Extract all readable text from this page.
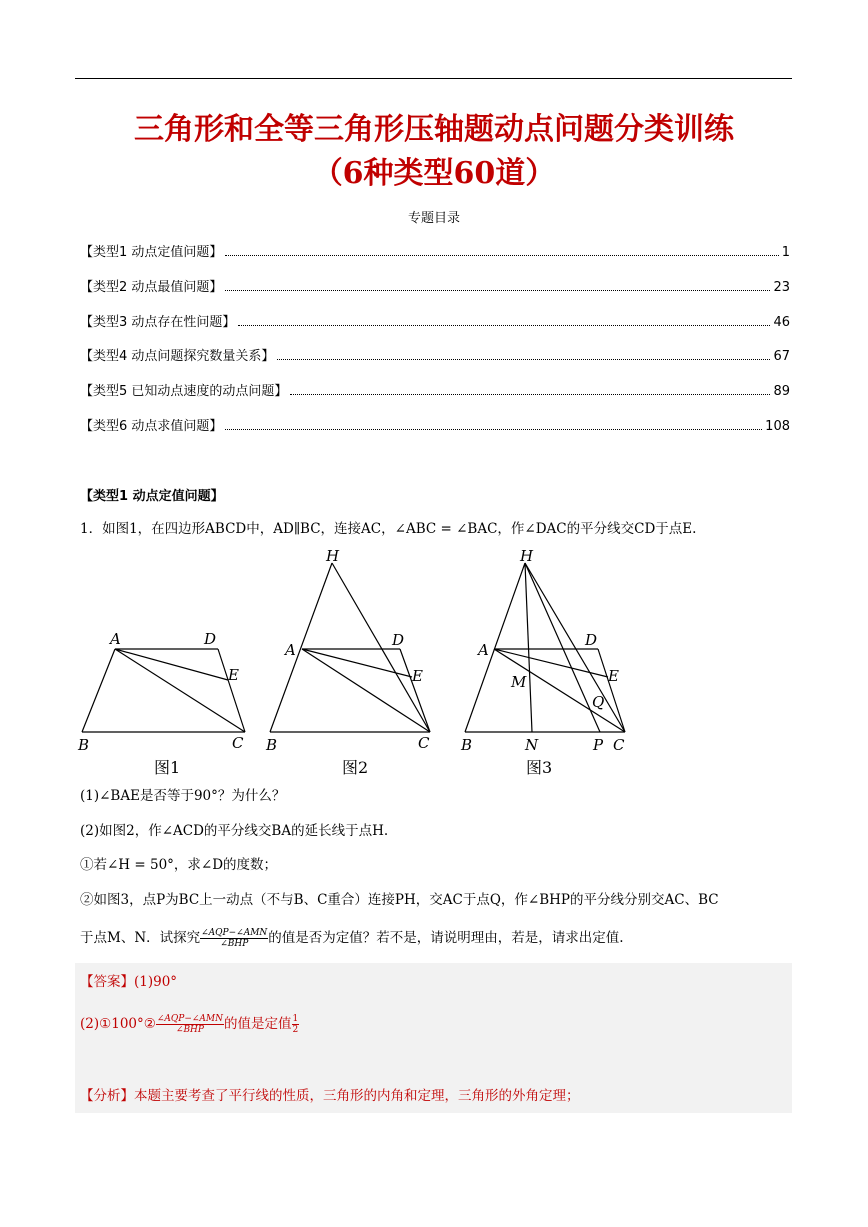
三角形和全等三角形压轴题动点问题分类训练
（6种类型60道）
专题目录
【类型1 动点定值问题】	1
【类型2 动点最值问题】	23
【类型3 动点存在性问题】	46
【类型4 动点问题探究数量关系】	67
【类型5 已知动点速度的动点问题】	89
【类型6 动点求值问题】	108
【类型1 动点定值问题】
1．如图1，在四边形ABCD中，AD∥BC，连接AC，∠ABC = ∠BAC，作∠DAC的平分线交CD于点E.
A	D
E
B	C
H
A
D
E
B	C
H
A
D
E
M
Q
B	N	P C
图1	图2	图3
(1)∠BAE是否等于90°？为什么？
(2)如图2，作∠ACD的平分线交BA的延长线于点H.
①若∠H = 50°，求∠D的度数；
②如图3，点P为BC上一动点（不与B、C重合）连接PH，交AC于点Q，作∠BHP的平分线分别交AC、BC
于点M、N．试探究 $\frac{\text{∠AQP−∠AMN}}{\text{∠BHP}}$ 的值是否为定值？若不是，请说明理由，若是，请求出定值.
【答案】(1)90°
(2)①100°② $\frac{\text{∠AQP−∠AMN}}{\text{∠BHP}}$ 的值是定值 $\frac{1}{2}$
【分析】本题主要考查了平行线的性质，三角形的内角和定理，三角形的外角定理；
